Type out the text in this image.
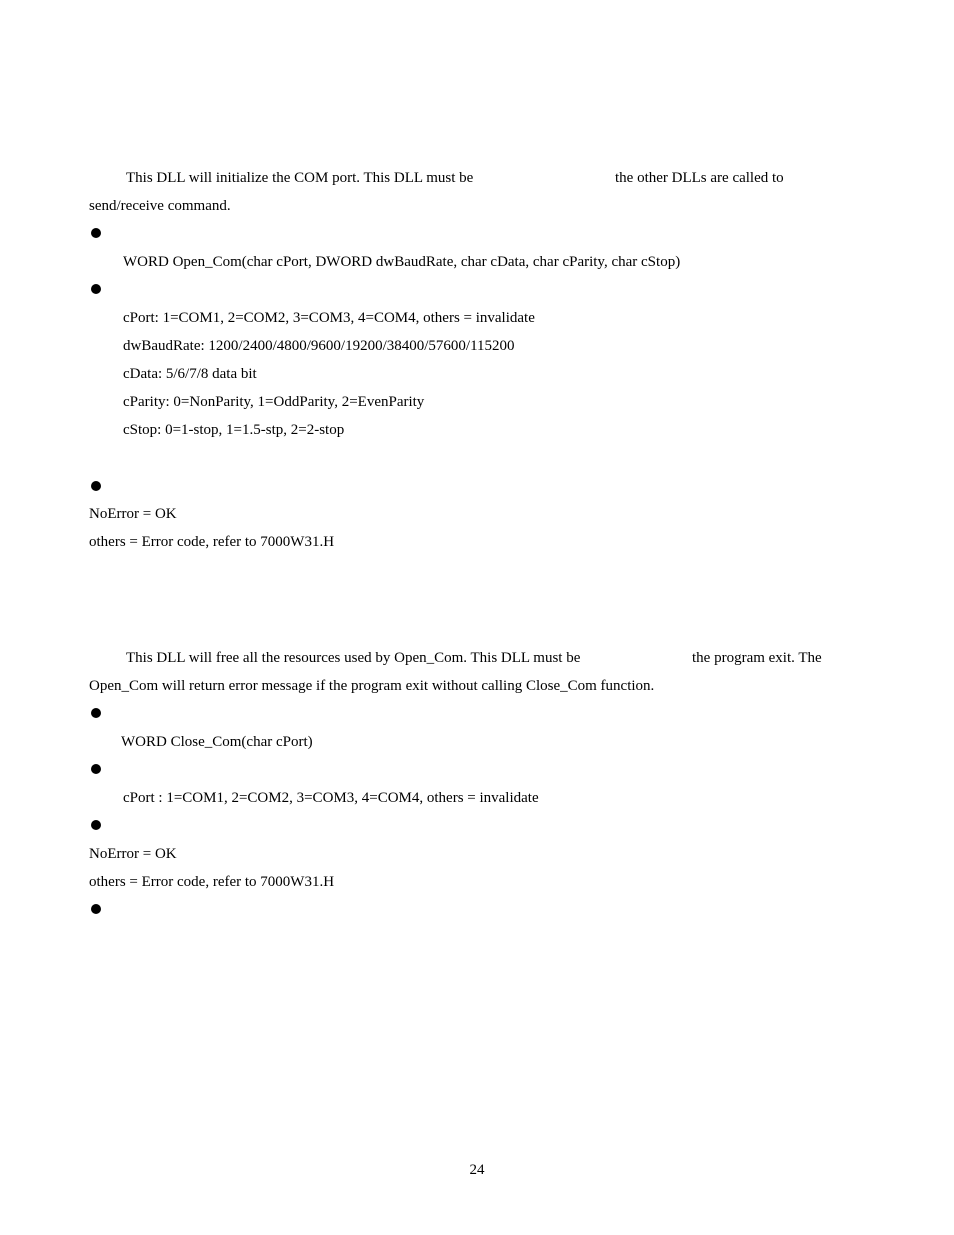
This DLL will initialize the COM port. This DLL must be	the other DLLs are called to
send/receive command.
WORD Open_Com(char cPort, DWORD dwBaudRate, char cData, char cParity, char cStop)
cPort: 1=COM1, 2=COM2, 3=COM3, 4=COM4, others = invalidate
dwBaudRate: 1200/2400/4800/9600/19200/38400/57600/115200
cData: 5/6/7/8 data bit
cParity: 0=NonParity, 1=OddParity, 2=EvenParity
cStop: 0=1-stop, 1=1.5-stp, 2=2-stop
NoError = OK
others = Error code, refer to 7000W31.H
This DLL will free all the resources used by Open_Com. This DLL must be	the program exit. The
Open_Com will return error message if the program exit without calling Close_Com function.
WORD Close_Com(char cPort)
cPort : 1=COM1, 2=COM2, 3=COM3, 4=COM4, others = invalidate
NoError = OK
others = Error code, refer to 7000W31.H
24
